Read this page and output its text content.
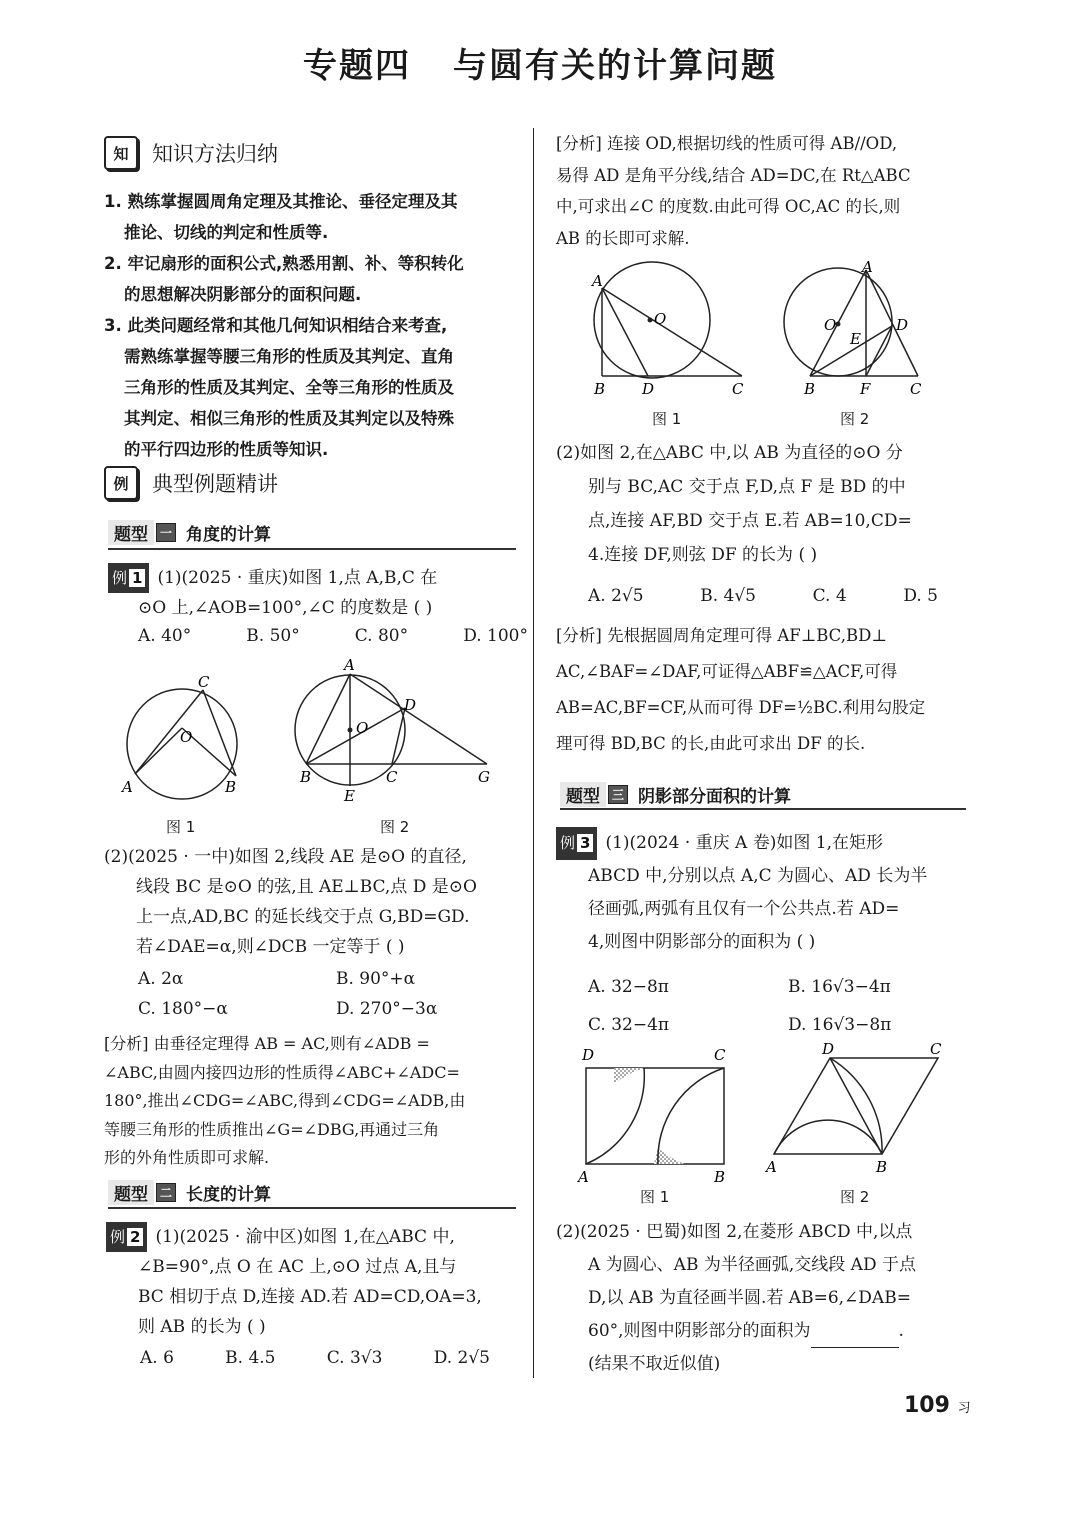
专题四 与圆有关的计算问题
知	知识方法归纳
1. 熟练掌握圆周角定理及其推论、垂径定理及其
推论、切线的判定和性质等.
2. 牢记扇形的面积公式,熟悉用割、补、等积转化
的思想解决阴影部分的面积问题.
3. 此类问题经常和其他几何知识相结合来考查,
需熟练掌握等腰三角形的性质及其判定、直角
三角形的性质及其判定、全等三角形的性质及
其判定、相似三角形的性质及其判定以及特殊
的平行四边形的性质等知识.
例	典型例题精讲
题型	一 角度的计算
例 1 (1)(2025 · 重庆)如图 1,点 A,B,C 在
⊙O 上,∠AOB=100°,∠C 的度数是 ( )
A. 40°	B. 50°	C. 80°	D. 100°
C
O
A	B
图 1
A
O
D
B	C	G
E
图 2
(2)(2025 · 一中)如图 2,线段 AE 是⊙O 的直径,
线段 BC 是⊙O 的弦,且 AE⊥BC,点 D 是⊙O
上一点,AD,BC 的延长线交于点 G,BD=GD.
若∠DAE=α,则∠DCB 一定等于 ( )
A. 2α	B. 90°+α
C. 180°−α	D. 270°−3α
[分析] 由垂径定理得 AB = AC,则有∠ADB =
∠ABC,由圆内接四边形的性质得∠ABC+∠ADC=
180°,推出∠CDG=∠ABC,得到∠CDG=∠ADB,由
等腰三角形的性质推出∠G=∠DBG,再通过三角
形的外角性质即可求解.
题型	二 长度的计算
例 2 (1)(2025 · 渝中区)如图 1,在△ABC 中,
∠B=90°,点 O 在 AC 上,⊙O 过点 A,且与
BC 相切于点 D,连接 AD.若 AD=CD,OA=3,
则 AB 的长为 ( )
A. 6	B. 4.5	C. 3√3	D. 2√5
[分析] 连接 OD,根据切线的性质可得 AB//OD,
易得 AD 是角平分线,结合 AD=DC,在 Rt△ABC
中,可求出∠C 的度数.由此可得 OC,AC 的长,则
AB 的长即可求解.
A
O
B D	C
图 1
A
O	D
E
B	F	C
图 2
(2)如图 2,在△ABC 中,以 AB 为直径的⊙O 分
别与 BC,AC 交于点 F,D,点 F 是 BD 的中
点,连接 AF,BD 交于点 E.若 AB=10,CD=
4.连接 DF,则弦 DF 的长为 ( )
A. 2√5	B. 4√5	C. 4	D. 5
[分析] 先根据圆周角定理可得 AF⊥BC,BD⊥
AC,∠BAF=∠DAF,可证得△ABF≌△ACF,可得
AB=AC,BF=CF,从而可得 DF=½BC.利用勾股定
理可得 BD,BC 的长,由此可求出 DF 的长.
题型	三 阴影部分面积的计算
例 3 (1)(2024 · 重庆 A 卷)如图 1,在矩形
ABCD 中,分别以点 A,C 为圆心、AD 长为半
径画弧,两弧有且仅有一个公共点.若 AD=
4,则图中阴影部分的面积为 ( )
A. 32−8π	B. 16√3−4π
C. 32−4π	D. 16√3−8π
D	C
A	B
图 1
D	C
A	B
图 2
(2)(2025 · 巴蜀)如图 2,在菱形 ABCD 中,以点
A 为圆心、AB 为半径画弧,交线段 AD 于点
D,以 AB 为直径画半圆.若 AB=6,∠DAB=
60°,则图中阴影部分的面积为	.
(结果不取近似值)
109 习
